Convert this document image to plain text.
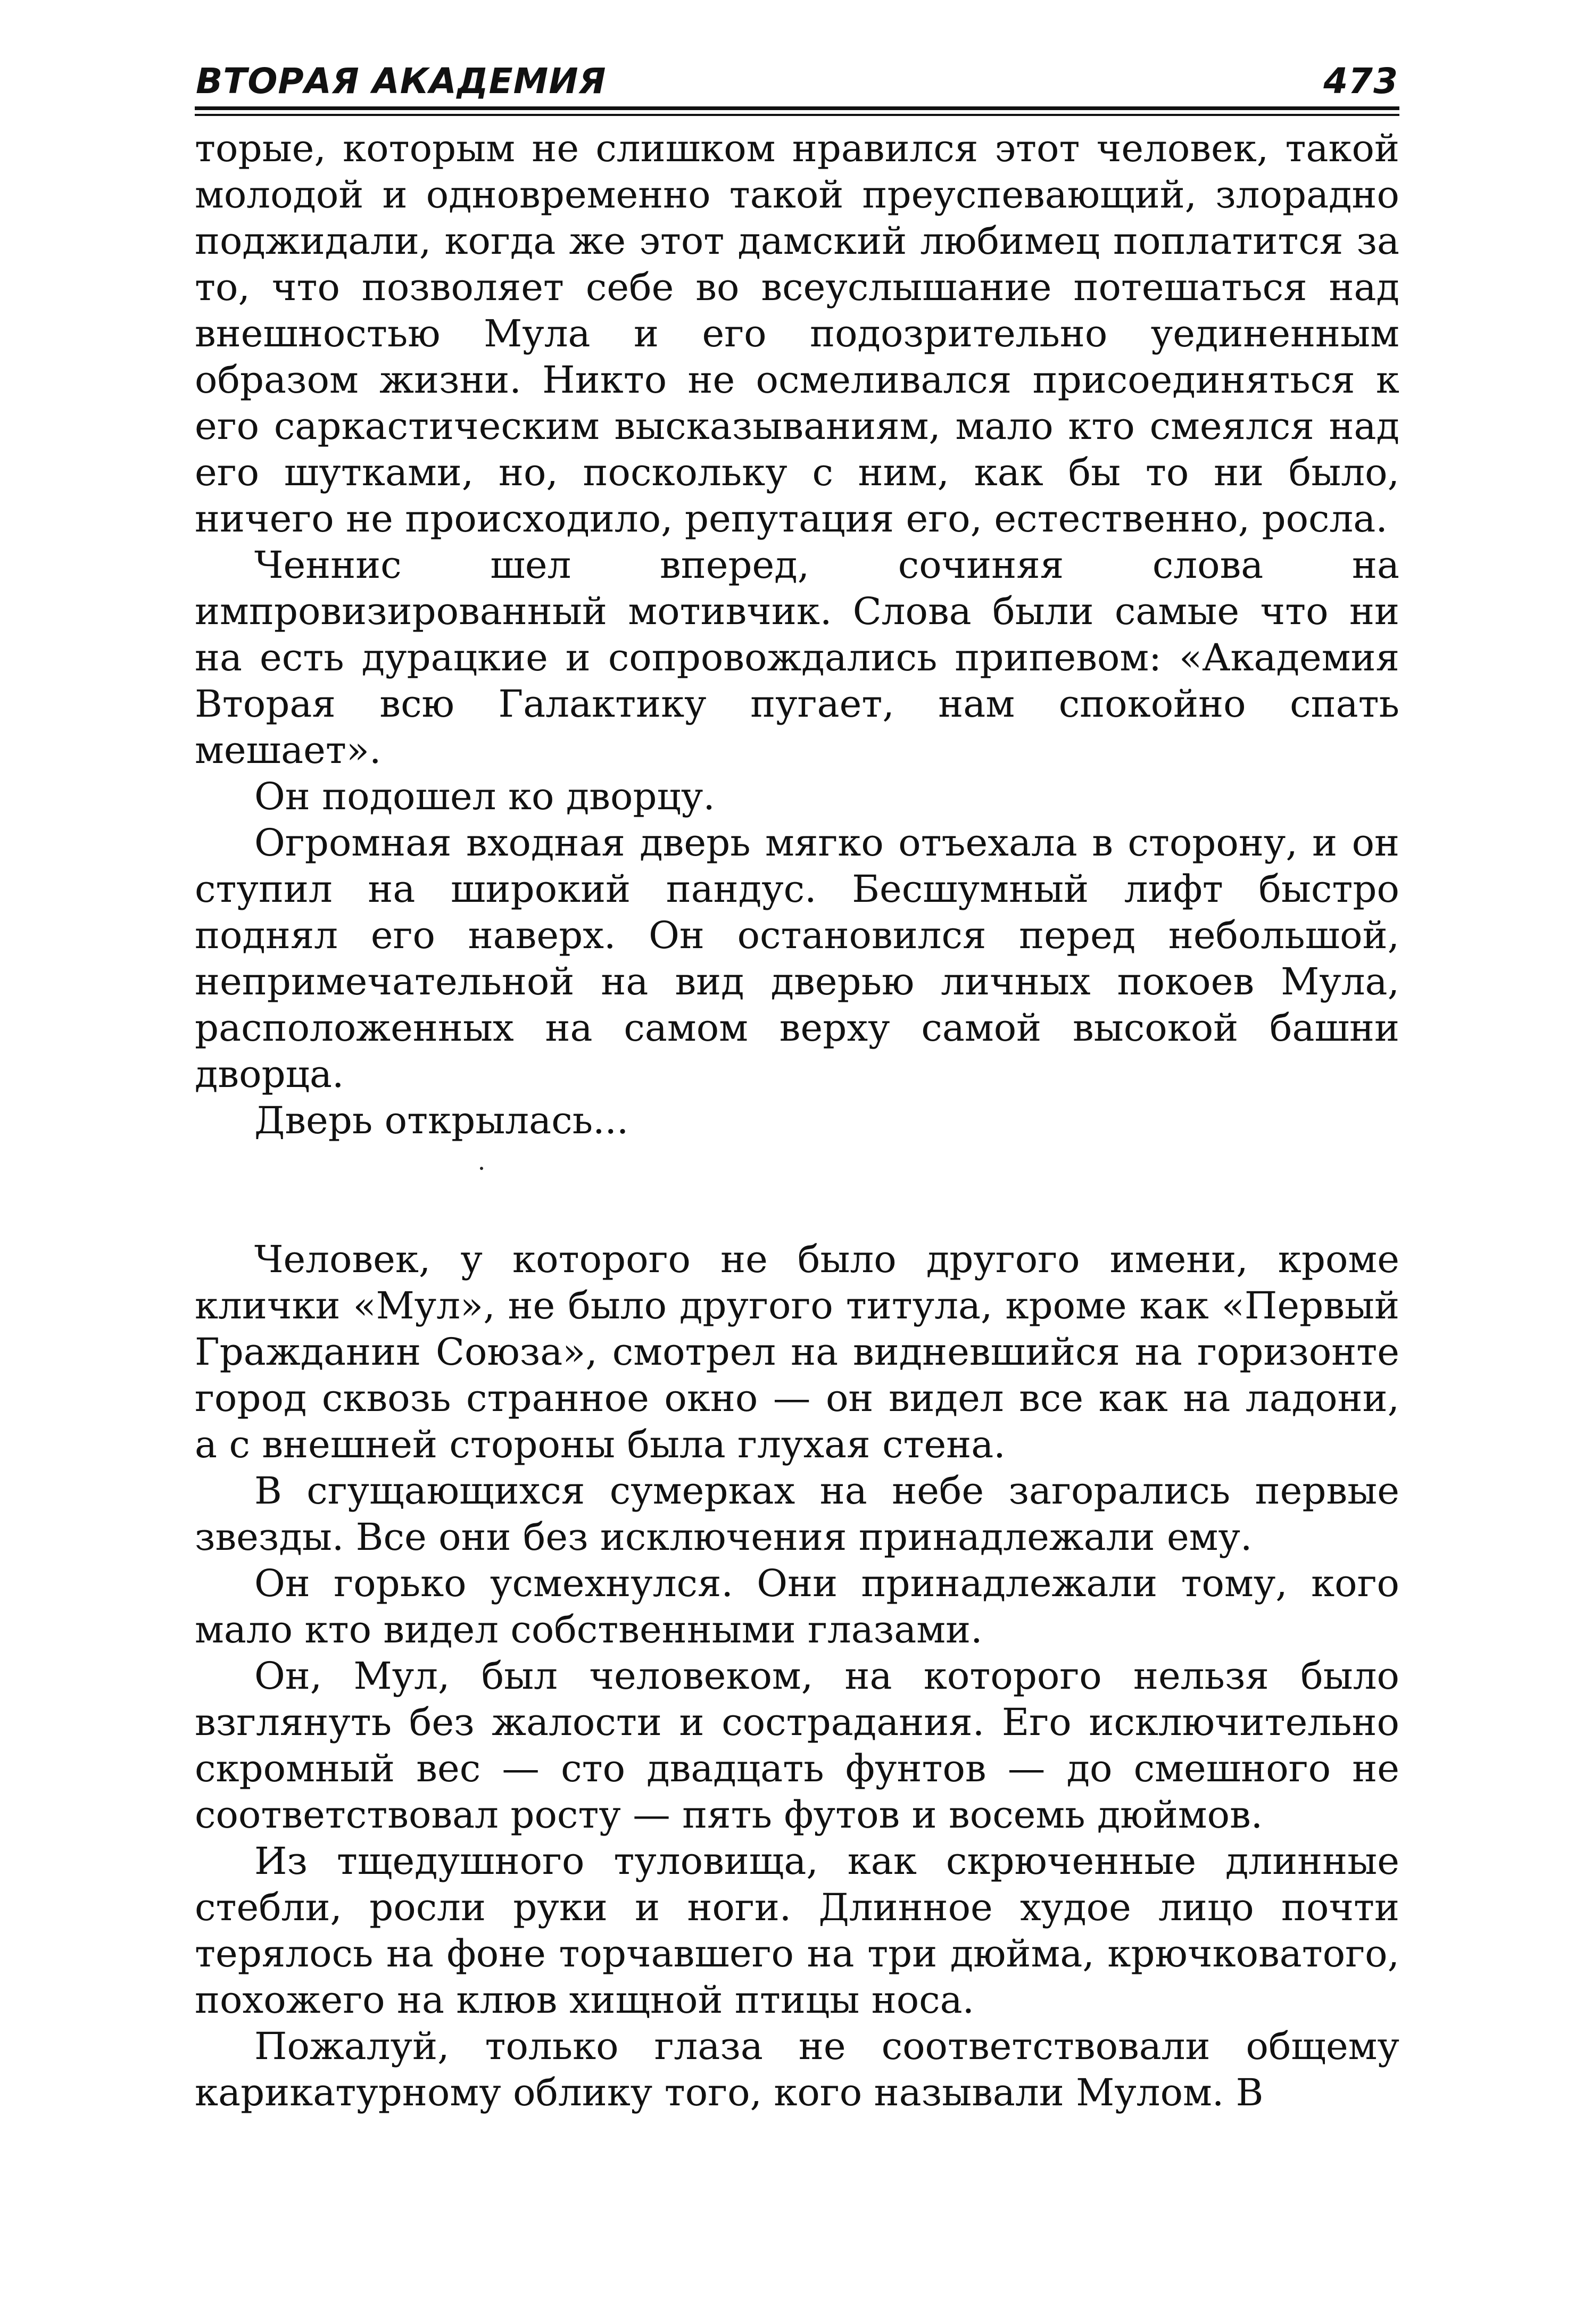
ВТОРАЯ АКАДЕМИЯ	473

торые, которым не слишком нравился этот человек, такой молодой и одновременно такой преуспевающий, злорадно поджидали, когда же этот дамский любимец поплатится за то, что позволяет себе во всеуслышание потешаться над внешностью Мула и его подозрительно уединенным образом жизни. Никто не осмеливался присоединяться к его саркастическим высказываниям, мало кто смеялся над его шутками, но, поскольку с ним, как бы то ни было, ничего не происходило, репутация его, естественно, росла.

Ченнис шел вперед, сочиняя слова на импровизированный мотивчик. Слова были самые что ни на есть дурацкие и сопровождались припевом: «Академия Вторая всю Галактику пугает, нам спокойно спать мешает».

Он подошел ко дворцу.

Огромная входная дверь мягко отъехала в сторону, и он ступил на широкий пандус. Бесшумный лифт быстро поднял его наверх. Он остановился перед небольшой, непримечательной на вид дверью личных покоев Мула, расположенных на самом верху самой высокой башни дворца.

Дверь открылась...

Человек, у которого не было другого имени, кроме клички «Мул», не было другого титула, кроме как «Первый Гражданин Союза», смотрел на видневшийся на горизонте город сквозь странное окно — он видел все как на ладони, а с внешней стороны была глухая стена.

В сгущающихся сумерках на небе загорались первые звезды. Все они без исключения принадлежали ему.

Он горько усмехнулся. Они принадлежали тому, кого мало кто видел собственными глазами.

Он, Мул, был человеком, на которого нельзя было взглянуть без жалости и сострадания. Его исключительно скромный вес — сто двадцать фунтов — до смешного не соответствовал росту — пять футов и восемь дюймов.

Из тщедушного туловища, как скрюченные длинные стебли, росли руки и ноги. Длинное худое лицо почти терялось на фоне торчавшего на три дюйма, крючковатого, похожего на клюв хищной птицы носа.

Пожалуй, только глаза не соответствовали общему карикатурному облику того, кого называли Мулом. В
